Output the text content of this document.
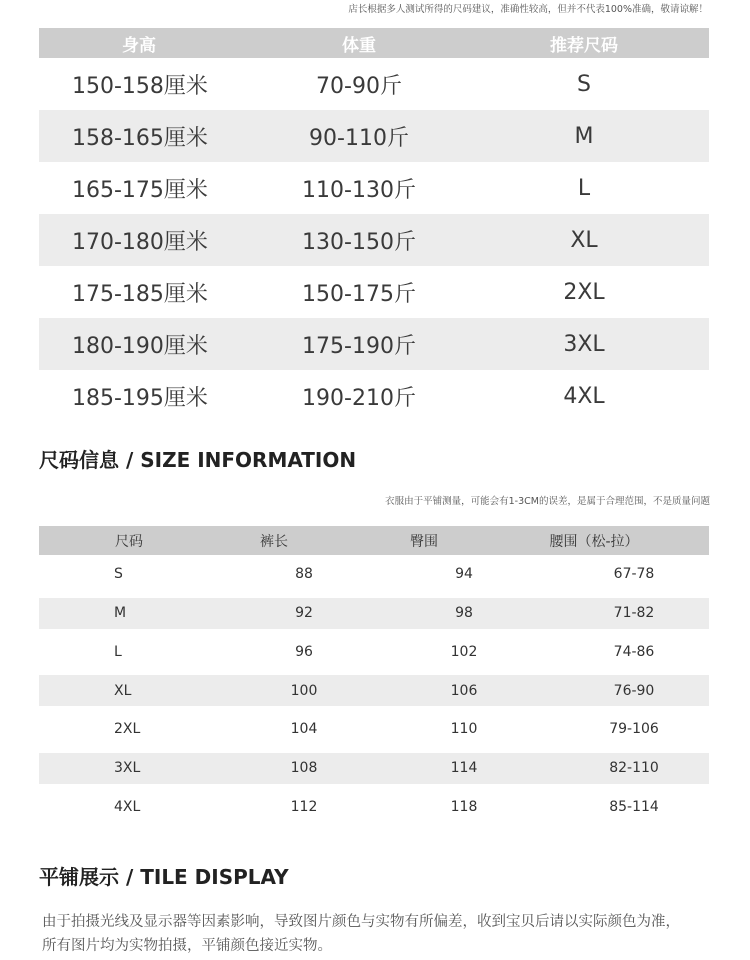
店长根据多人测试所得的尺码建议，准确性较高，但并不代表100%准确，敬请谅解！
身高	体重	推荐尺码
150-158厘米	70-90斤	S
158-165厘米	90-110斤	M
165-175厘米	110-130斤	L
170-180厘米	130-150斤	XL
175-185厘米	150-175斤	2XL
180-190厘米	175-190斤	3XL
185-195厘米	190-210斤	4XL
尺码信息 / SIZE INFORMATION
衣服由于平铺测量，可能会有1-3CM的误差，是属于合理范围，不是质量问题
尺码	裤长	臀围	腰围（松-拉）
S	88	94	67-78
M	92	98	71-82
L	96	102	74-86
XL	100	106	76-90
2XL	104	110	79-106
3XL	108	114	82-110
4XL	112	118	85-114
平铺展示 / TILE DISPLAY
由于拍摄光线及显示器等因素影响，导致图片颜色与实物有所偏差，收到宝贝后请以实际颜色为准，所有图片均为实物拍摄，平铺颜色接近实物。
